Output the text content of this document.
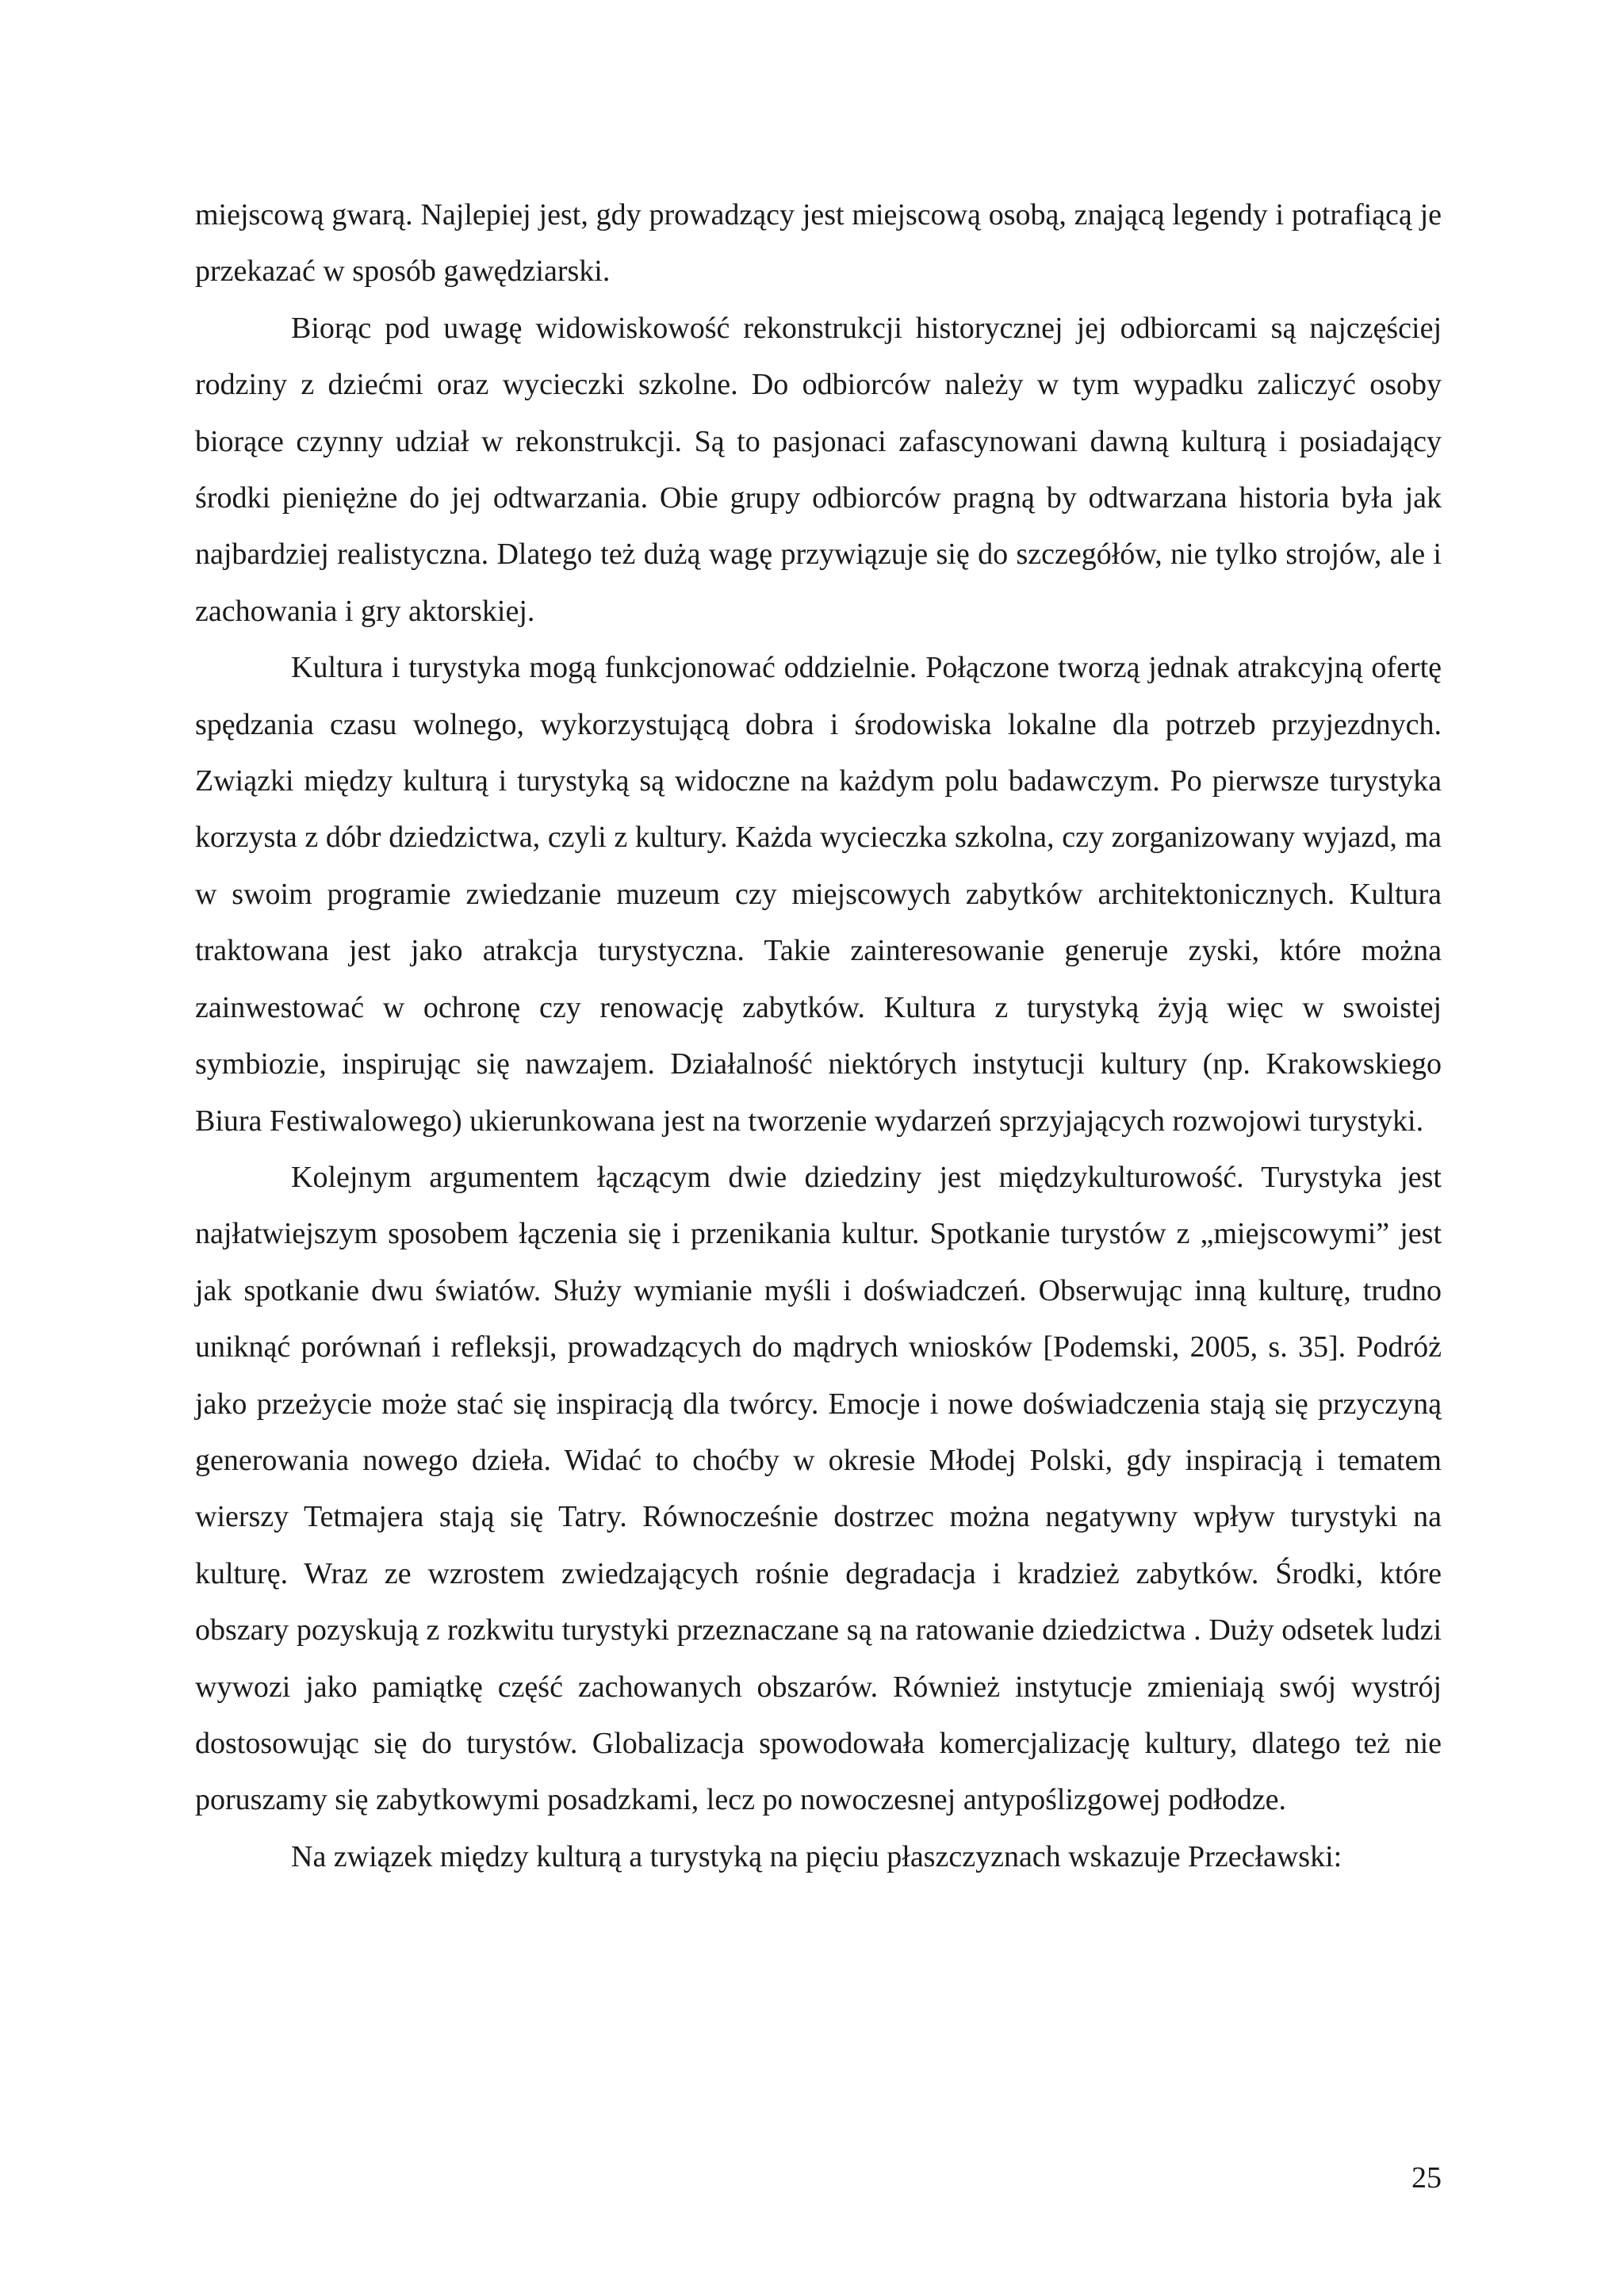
miejscową gwarą. Najlepiej jest, gdy prowadzący jest miejscową osobą, znającą legendy i potrafiącą je przekazać w sposób gawędziarski.

Biorąc pod uwagę widowiskowość rekonstrukcji historycznej jej odbiorcami są najczęściej rodziny z dziećmi oraz wycieczki szkolne. Do odbiorców należy w tym wypadku zaliczyć osoby biorące czynny udział w rekonstrukcji. Są to pasjonaci zafascynowani dawną kulturą i posiadający środki pieniężne do jej odtwarzania. Obie grupy odbiorców pragną by odtwarzana historia była jak najbardziej realistyczna. Dlatego też dużą wagę przywiązuje się do szczegółów, nie tylko strojów, ale i zachowania i gry aktorskiej.

Kultura i turystyka mogą funkcjonować oddzielnie. Połączone tworzą jednak atrakcyjną ofertę spędzania czasu wolnego, wykorzystującą dobra i środowiska lokalne dla potrzeb przyjezdnych. Związki między kulturą i turystyką są widoczne na każdym polu badawczym. Po pierwsze turystyka korzysta z dóbr dziedzictwa, czyli z kultury. Każda wycieczka szkolna, czy zorganizowany wyjazd, ma w swoim programie zwiedzanie muzeum czy miejscowych zabytków architektonicznych. Kultura traktowana jest jako atrakcja turystyczna. Takie zainteresowanie generuje zyski, które można zainwestować w ochronę czy renowację zabytków. Kultura z turystyką żyją więc w swoistej symbiozie, inspirując się nawzajem. Działalność niektórych instytucji kultury (np. Krakowskiego Biura Festiwalowego) ukierunkowana jest na tworzenie wydarzeń sprzyjających rozwojowi turystyki.

Kolejnym argumentem łączącym dwie dziedziny jest międzykulturowość. Turystyka jest najłatwiejszym sposobem łączenia się i przenikania kultur. Spotkanie turystów z „miejscowymi” jest jak spotkanie dwu światów. Służy wymianie myśli i doświadczeń. Obserwując inną kulturę, trudno uniknąć porównań i refleksji, prowadzących do mądrych wniosków [Podemski, 2005, s. 35]. Podróż jako przeżycie może stać się inspiracją dla twórcy. Emocje i nowe doświadczenia stają się przyczyną generowania nowego dzieła. Widać to choćby w okresie Młodej Polski, gdy inspiracją i tematem wierszy Tetmajera stają się Tatry. Równocześnie dostrzec można negatywny wpływ turystyki na kulturę. Wraz ze wzrostem zwiedzających rośnie degradacja i kradzież zabytków. Środki, które obszary pozyskują z rozkwitu turystyki przeznaczane są na ratowanie dziedzictwa . Duży odsetek ludzi wywozi jako pamiątkę część zachowanych obszarów. Również instytucje zmieniają swój wystrój dostosowując się do turystów. Globalizacja spowodowała komercjalizację kultury, dlatego też nie poruszamy się zabytkowymi posadzkami, lecz po nowoczesnej antypoślizgowej podłodze.

Na związek między kulturą a turystyką na pięciu płaszczyznach wskazuje Przecławski:

25
